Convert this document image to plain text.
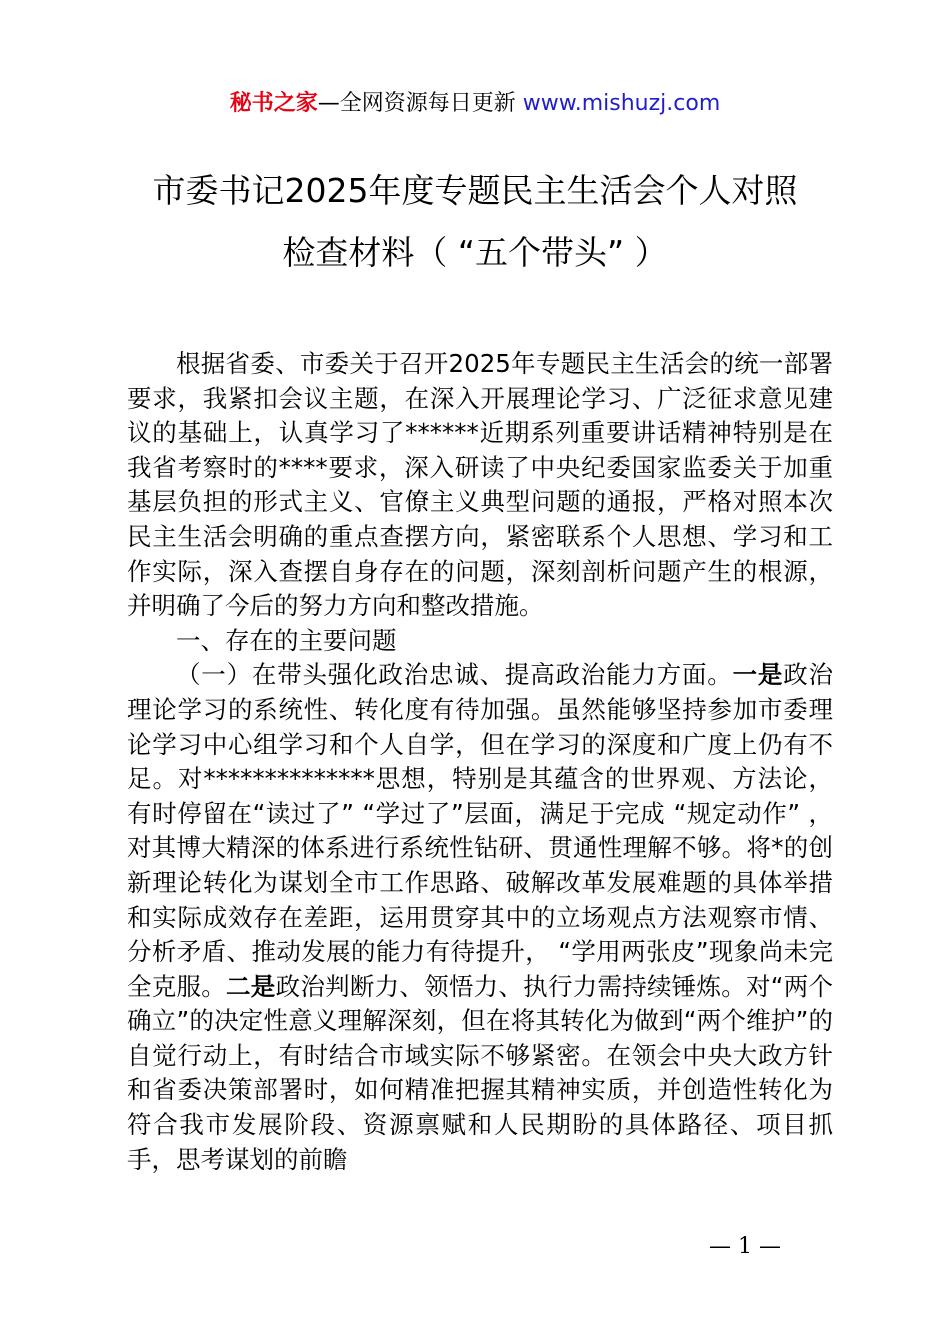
秘书之家—全网资源每日更新 www.mishuzj.com
市委书记2025年度专题民主生活会个人对照
检查材料（ “五个带头” ）

根据省委、市委关于召开2025年专题民主生活会的统一部署要求，我紧扣会议主题，在深入开展理论学习、广泛征求意见建议的基础上，认真学习了******近期系列重要讲话精神特别是在我省考察时的****要求，深入研读了中央纪委国家监委关于加重基层负担的形式主义、官僚主义典型问题的通报，严格对照本次民主生活会明确的重点查摆方向，紧密联系个人思想、学习和工作实际，深入查摆自身存在的问题，深刻剖析问题产生的根源，并明确了今后的努力方向和整改措施。

一、存在的主要问题

（一）在带头强化政治忠诚、提高政治能力方面。一是政治理论学习的系统性、转化度有待加强。虽然能够坚持参加市委理论学习中心组学习和个人自学，但在学习的深度和广度上仍有不足。对**************思想，特别是其蕴含的世界观、方法论，有时停留在“读过了” “学过了”层面，满足于完成 “规定动作” ，对其博大精深的体系进行系统性钻研、贯通性理解不够。将*的创新理论转化为谋划全市工作思路、破解改革发展难题的具体举措和实际成效存在差距，运用贯穿其中的立场观点方法观察市情、分析矛盾、推动发展的能力有待提升， “学用两张皮”现象尚未完全克服。二是政治判断力、领悟力、执行力需持续锤炼。对“两个确立”的决定性意义理解深刻，但在将其转化为做到“两个维护”的自觉行动上，有时结合市域实际不够紧密。在领会中央大政方针和省委决策部署时，如何精准把握其精神实质，并创造性转化为符合我市发展阶段、资源禀赋和人民期盼的具体路径、项目抓手，思考谋划的前瞻

— 1 —
